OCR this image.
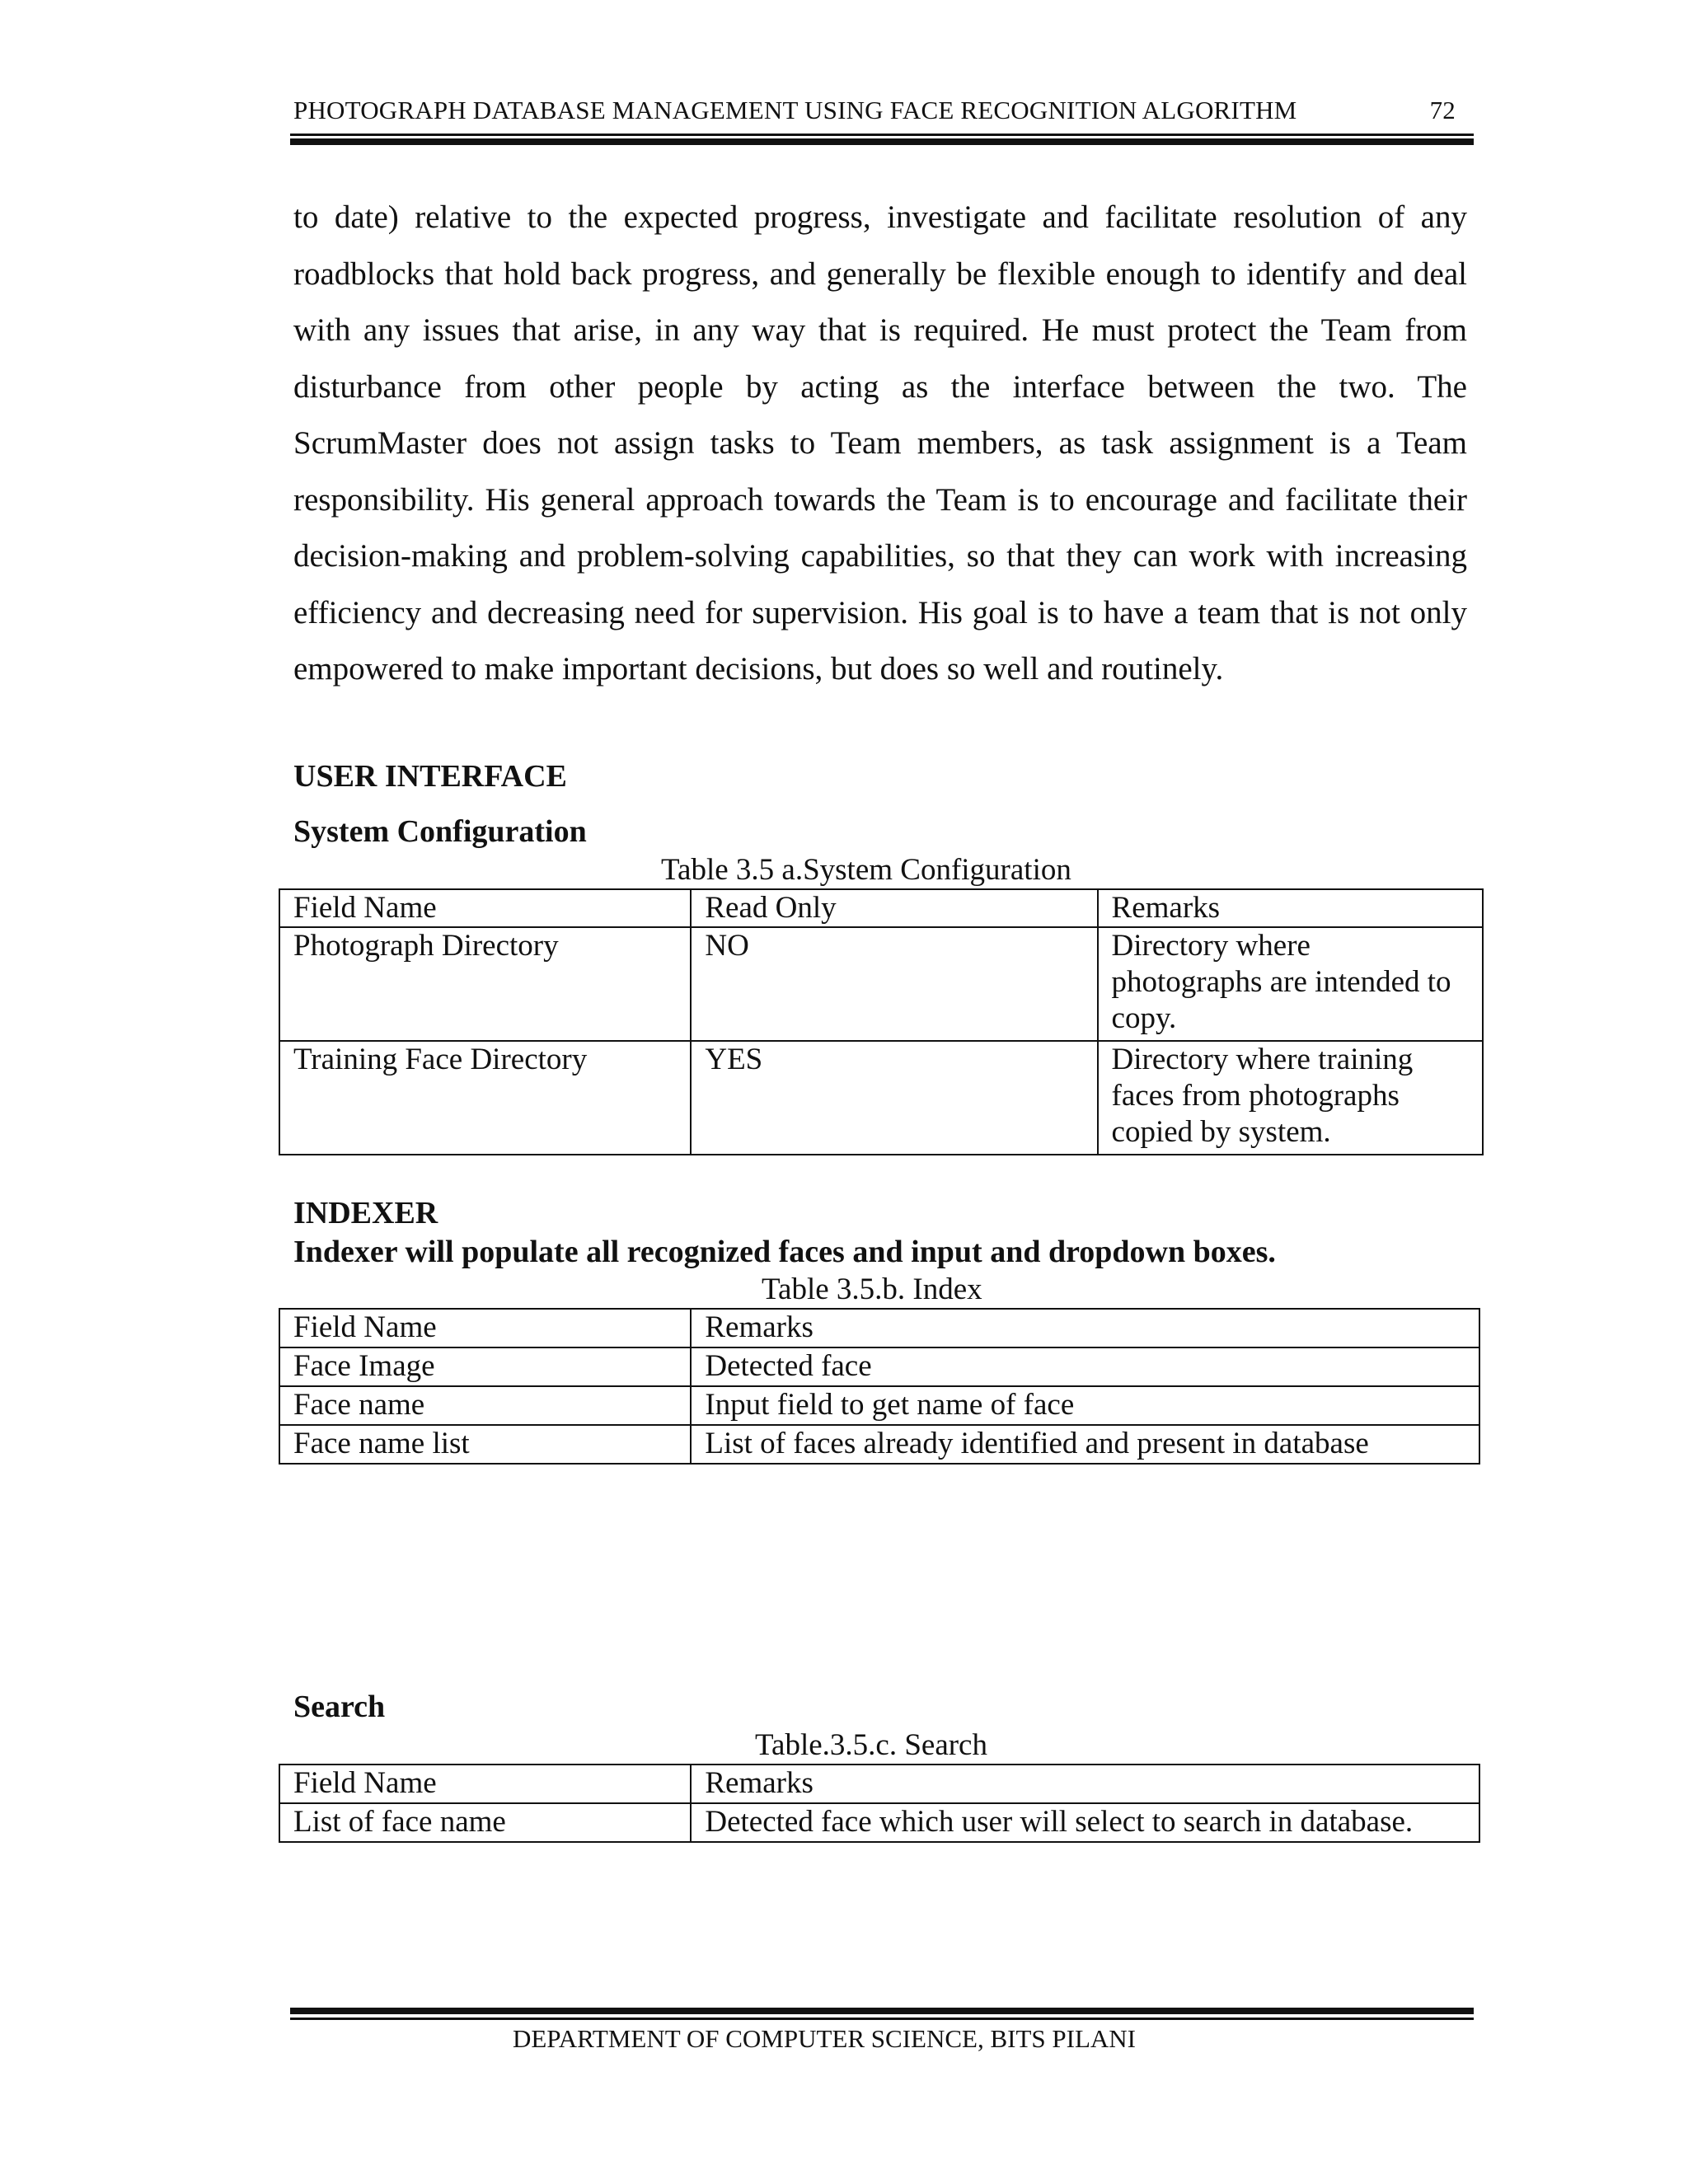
PHOTOGRAPH DATABASE MANAGEMENT USING FACE RECOGNITION ALGORITHM	72
to date) relative to the expected progress, investigate and facilitate resolution of any
roadblocks that hold back progress, and generally be flexible enough to identify and deal
with any issues that arise, in any way that is required. He must protect the Team from
disturbance from other people by acting as the interface between the two. The
ScrumMaster does not assign tasks to Team members, as task assignment is a Team
responsibility. His general approach towards the Team is to encourage and facilitate their
decision-making and problem-solving capabilities, so that they can work with increasing
efficiency and decreasing need for supervision. His goal is to have a team that is not only
empowered to make important decisions, but does so well and routinely.
USER INTERFACE
System Configuration
Table 3.5 a.System Configuration
Field Name	Read Only	Remarks
Photograph Directory	NO	Directory where photographs are intended to copy.
Training Face Directory	YES	Directory where training faces from photographs copied by system.
INDEXER
Indexer will populate all recognized faces and input and dropdown boxes.
Table 3.5.b. Index
Field Name	Remarks
Face Image	Detected face
Face name	Input field to get name of face
Face name list	List of faces already identified and present in database
Search
Table.3.5.c. Search
Field Name	Remarks
List of face name	Detected face which user will select to search in database.
DEPARTMENT OF COMPUTER SCIENCE, BITS PILANI
